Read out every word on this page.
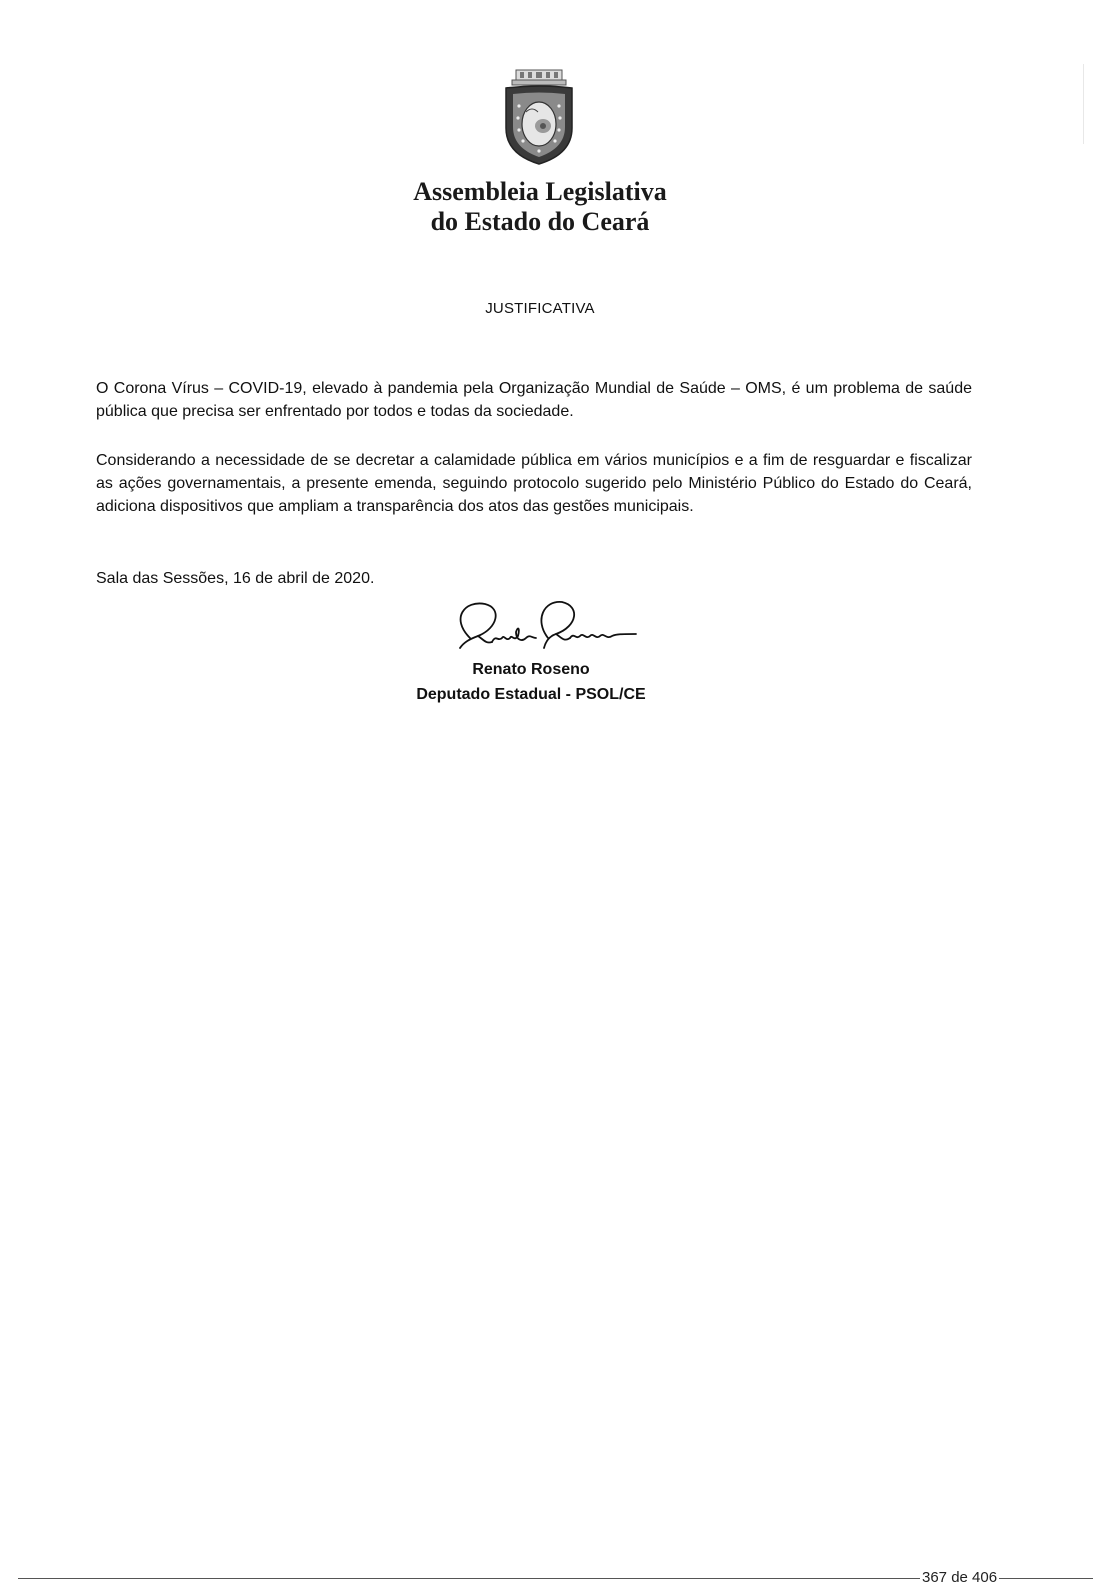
Assembleia Legislativa
do Estado do Ceará
JUSTIFICATIVA

O Corona Vírus – COVID-19, elevado à pandemia pela Organização Mundial de Saúde – OMS, é um problema de saúde pública que precisa ser enfrentado por todos e todas da sociedade.

Considerando a necessidade de se decretar a calamidade pública em vários municípios e a fim de resguardar e fiscalizar as ações governamentais, a presente emenda, seguindo protocolo sugerido pelo Ministério Público do Estado do Ceará, adiciona dispositivos que ampliam a transparência dos atos das gestões municipais.

Sala das Sessões, 16 de abril de 2020.
Renato Roseno
Deputado Estadual - PSOL/CE
367 de 406
